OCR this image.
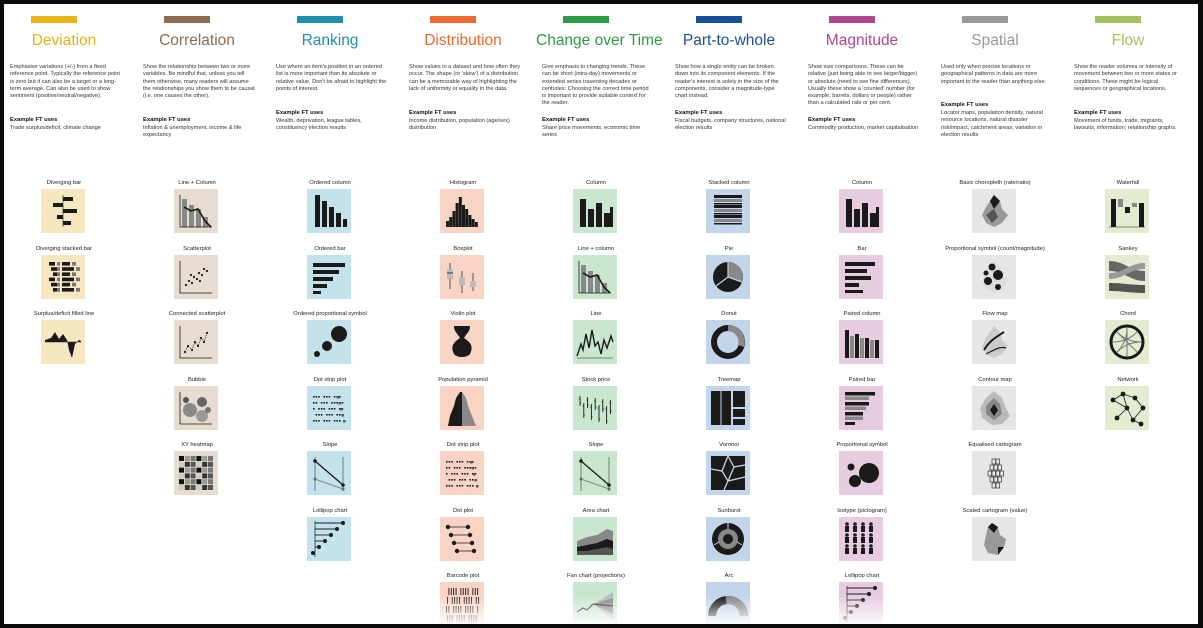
Deviation
Emphasise variations (+/-) from a fixed reference point. Typically the reference point is zero but it can also be a target or a long-term average. Can also be used to show sentiment (positive/neutral/negative).
Example FT uses
Trade surplus/deficit, climate change
Diverging bar
Diverging stacked bar
Surplus/deficit filled line
Correlation
Show the relationship between two or more variables. Be mindful that, unless you tell them otherwise, many readers will assume the relationships you show them to be causal (i.e. one causes the other).
Example FT uses
Inflation & unemployment, income & life expectancy
Line + Column
Scatterplot
Connected scatterplot
Bubble
XY heatmap
Ranking
Use where an item's position in an ordered list is more important than its absolute or relative value. Don't be afraid to highlight the points of interest.
Example FT uses
Wealth, deprivation, league tables, constituency election results
Ordered column
Ordered bar
Ordered proportional symbol
Dot strip plot
Slope
Lollipop chart
Distribution
Show values in a dataset and how often they occur. The shape (or 'skew') of a distribution can be a memorable way of highlighting the lack of uniformity or equality in the data.
Example FT uses
Income distribution, population (age/sex) distribution
Histogram
Boxplot
Violin plot
Population pyramid
Dot strip plot
Dot plot
Barcode plot
Change over Time
Give emphasis to changing trends. These can be short (intra-day) movements or extended series traversing decades or centuries: Choosing the correct time period is important to provide suitable context for the reader.
Example FT uses
Share price movements, economic time series
Column
Line + column
Line
Stock price
Slope
Area chart
Fan chart (projections)
Part-to-whole
Show how a single entity can be broken down into its component elements. If the reader's interest is solely in the size of the components, consider a magnitude-type chart instead.
Example FT uses
Fiscal budgets, company structures, national election results
Stacked column
Pie
Donut
Treemap
Voronoi
Sunburst
Arc
Magnitude
Show size comparisons. These can be relative (just being able to see larger/bigger) or absolute (need to see fine differences). Usually these show a 'counted' number (for example, barrels, dollars or people) rather than a calculated rate or per cent.
Example FT uses
Commodity production, market capitalisation
Column
Bar
Paired column
Paired bar
Proportional symbol
Isotype (pictogram)
Lollipop chart
Spatial
Used only when precise locations or geographical patterns in data are more important to the reader than anything else.
Example FT uses
Locator maps, population density, natural resource locations, natural disaster risk/impact, catchment areas, variation in election results
Basic choropleth (rate/ratio)
Proportional symbol (count/magnitude)
Flow map
Contour map
Equalised cartogram
Scaled cartogram (value)
Flow
Show the reader volumes or intensity of movement between two or more states or conditions. These might be logical sequences or geographical locations.
Example FT uses
Movement of funds, trade, migrants, lawsuits, information; relationship graphs.
Waterfall
Sankey
Chord
Network
